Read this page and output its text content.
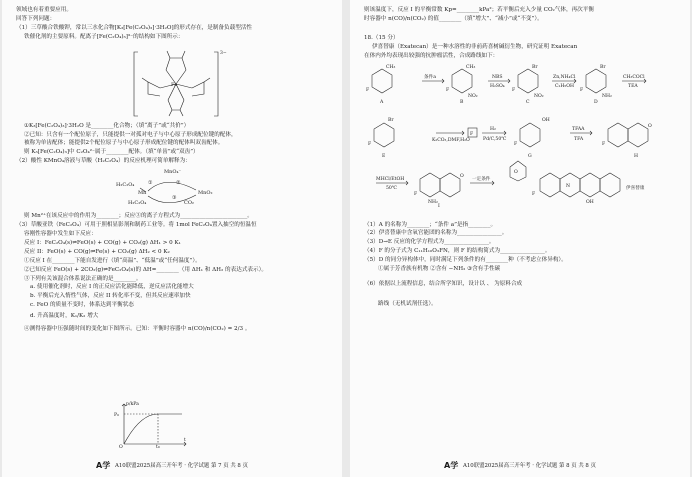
领域也有着重要应用。
回答下列问题：
（1）三草酸合铁酸钾，常以三水化合物[K₃[Fe(C₂O₄)₃]·3H₂O]的形式存在，是制备负载型活性
铁催化剂的主要原料。配离子[Fe(C₂O₄)₃]³⁻的结构如下图所示：
Fe
3−
①K₃[Fe(C₂O₄)₃]·3H₂O 是________化合物；（填“离子”或“共价”）
②已知：只含有一个配位原子，只能提供一对孤对电子与中心原子形成配位键的配体，
被称为单齿配体；能提供2个配位原子与中心原子形成配位键的配体叫双齿配体。
则 K₃[Fe(C₂O₄)₃]中 C₂O₄²⁻属于________配体。（填“单齿”或“双齿”）
（2）酸性 KMnO₄溶液与草酸（H₂C₂O₄）的反应机理可简单解释为：
MnO₄⁻
H₂C₂O₄
Mn	MnO₂
CO₂
H₂C₂O₄
①	②
③
则 Mn²⁺在该反应中的作用为________；反应③的离子方程式为________________________。
（3）草酸亚铁（FeC₂O₄）可用于照相显影剂和制药工业等。将 1mol FeC₂O₄置入抽空的恒温恒
容刚性容器中发生如下反应：
反应 I：FeC₂O₄(s)⇌FeO(s) + CO(g) + CO₂(g) ΔH₁ > 0 K₁
反应 II：FeO(s) + CO(g)⇌Fe(s) + CO₂(g) ΔH₂ < 0 K₂
①反应 I 在________下能自发进行（填“高温”、“低温”或“任何温度”）。
②已知反应 FeO(s) + 2CO₂(g)⇌FeC₂O₄(s)的 ΔH=________（用 ΔH₁ 和 ΔH₂ 的表达式表示）。
③下列有关该混合体系说法正确的是________。
a. 使用催化剂时，反应 I 的正反应活化能降低，逆反应活化能增大
b. 平衡后充入惰性气体，反应 II 转化率不变，但其反应速率加快
c. FeO 的质量不变时，体系达到平衡状态
d. 升高温度时，K₁/K₂ 增大
④测得容器中压强随时间的变化如下图所示。已知：平衡时容器中 n(CO)/n(CO₂) = 2/3 。
p/kPa
P₀
t₀
t
O
A学 A10联盟2025届高三开年考 · 化学试题 第 7 页 共 8 页
则该温度下，反应 I 的平衡常数 Kp=________kPa²；若平衡后充入少量 CO₂气体，再次平衡
时容器中 n(CO)/n(CO₂) 的值________（填“增大”、“减小”或“不变”）。
18.（15 分）
伊喜替康（Exatecan）是一种水溶性的非前药喜树碱衍生物，研究证明 Exatecan
在体内外均表现出较强的抗肿瘤活性，合成路线如下：
条件a	NBS
H₂SO₄
Zn,NH₄Cl
C₂H₅OH
CH₃COCl
TEA
K₂CO₃,DMF,H₂O
H₂
Pd/C,50℃
TFAA
TFA
MHCl/EtOH
50℃
一定条件
A	B	C	D
E
F
G	H
I
伊喜替康
CH₃
F
CH₃
F
NO₂
Br
F
NO₂
Br
F
NH₂
Br
F
OH
F
O
F
O
F
NH₂
O
F
N
OH
（1）A 的名称为________；“条件 a”是指________。
（2）伊喜替康中含氧官能团的名称为________________。
（3）D→E 反应的化学方程式为________________。
（4）F 的分子式为 C₁₁H₁₀O₃FN，则 F 的结构简式为________________。
（5）D 的同分异构体中，同时满足下列条件的有________种（不考虑立体异构）。
①属于芳香族有机物 ②含有 −NH₂ ③含有手性碳
（6）依据以上流程信息，结合所学知识，设计以 、 为原料合成
路线（无机试剂任选）。
A学 A10联盟2025届高三开年考 · 化学试题 第 8 页 共 8 页
